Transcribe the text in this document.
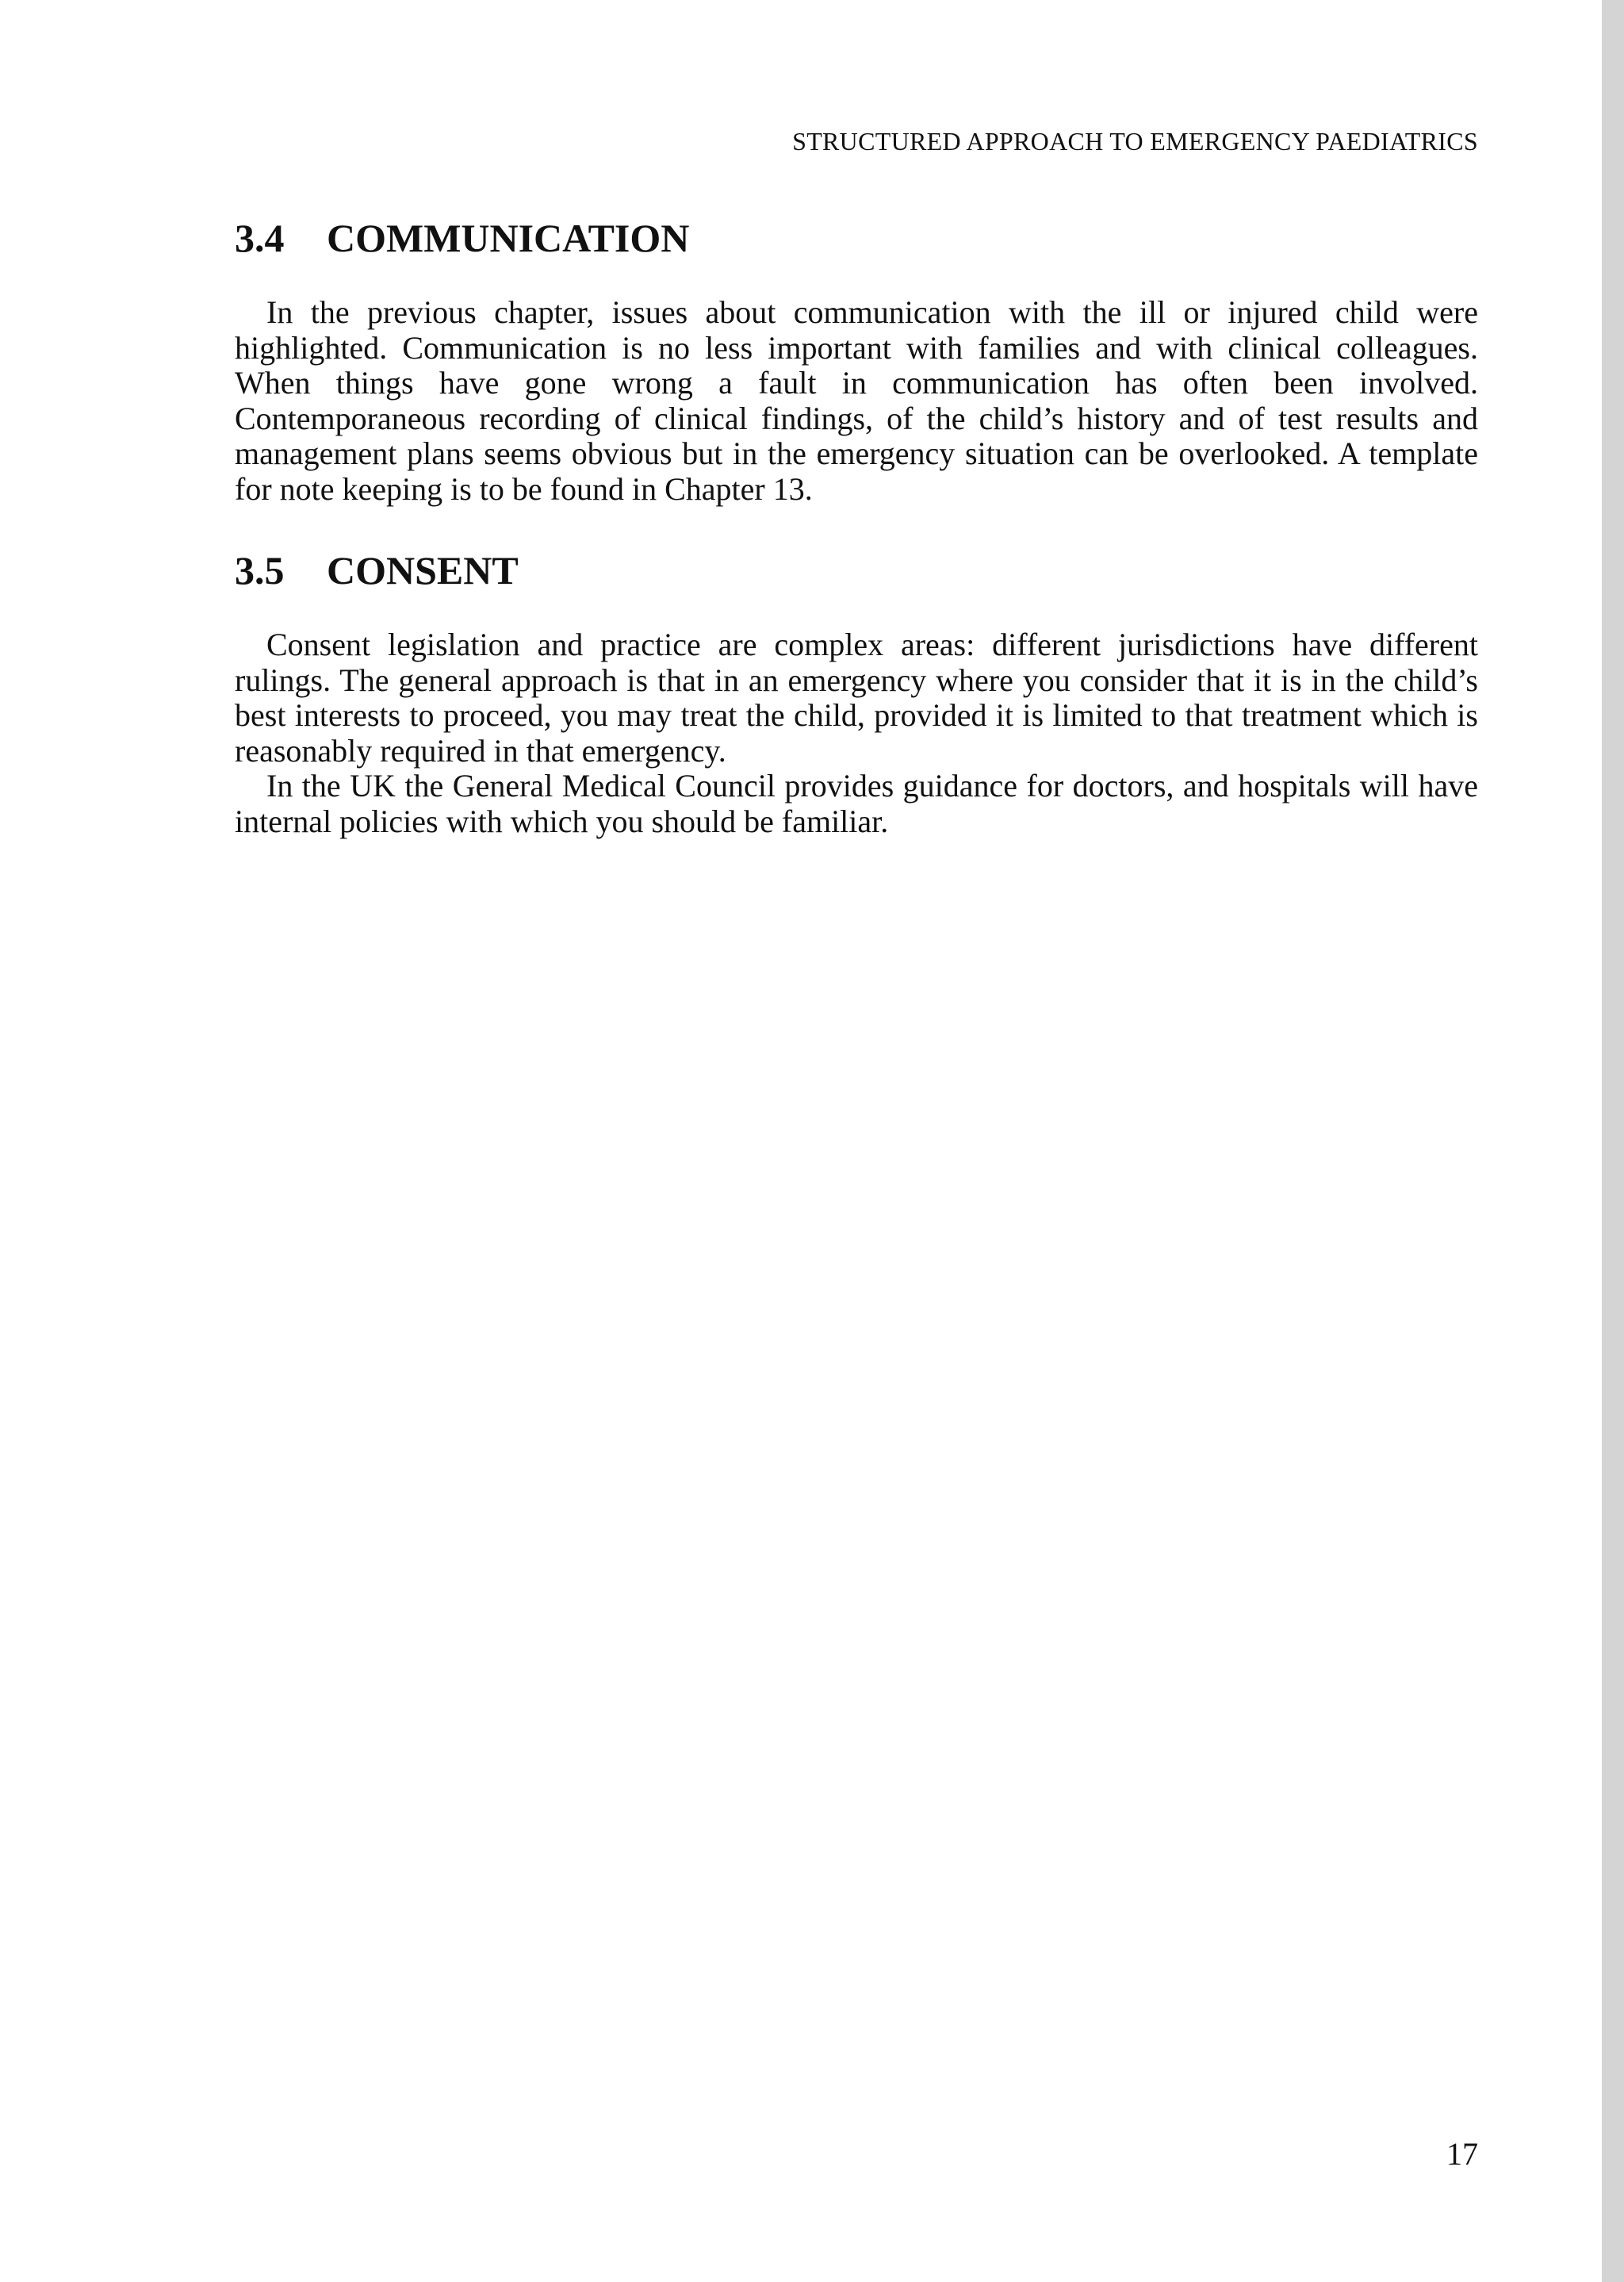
STRUCTURED APPROACH TO EMERGENCY PAEDIATRICS
3.4 COMMUNICATION

In the previous chapter, issues about communication with the ill or injured child were highlighted. Communication is no less important with families and with clinical colleagues. When things have gone wrong a fault in communication has often been involved. Contemporaneous recording of clinical findings, of the child’s history and of test results and management plans seems obvious but in the emergency situation can be overlooked. A template for note keeping is to be found in Chapter 13.

3.5 CONSENT

Consent legislation and practice are complex areas: different jurisdictions have different rulings. The general approach is that in an emergency where you consider that it is in the child’s best interests to proceed, you may treat the child, provided it is limited to that treatment which is reasonably required in that emergency.

In the UK the General Medical Council provides guidance for doctors, and hospitals will have internal policies with which you should be familiar.

17
